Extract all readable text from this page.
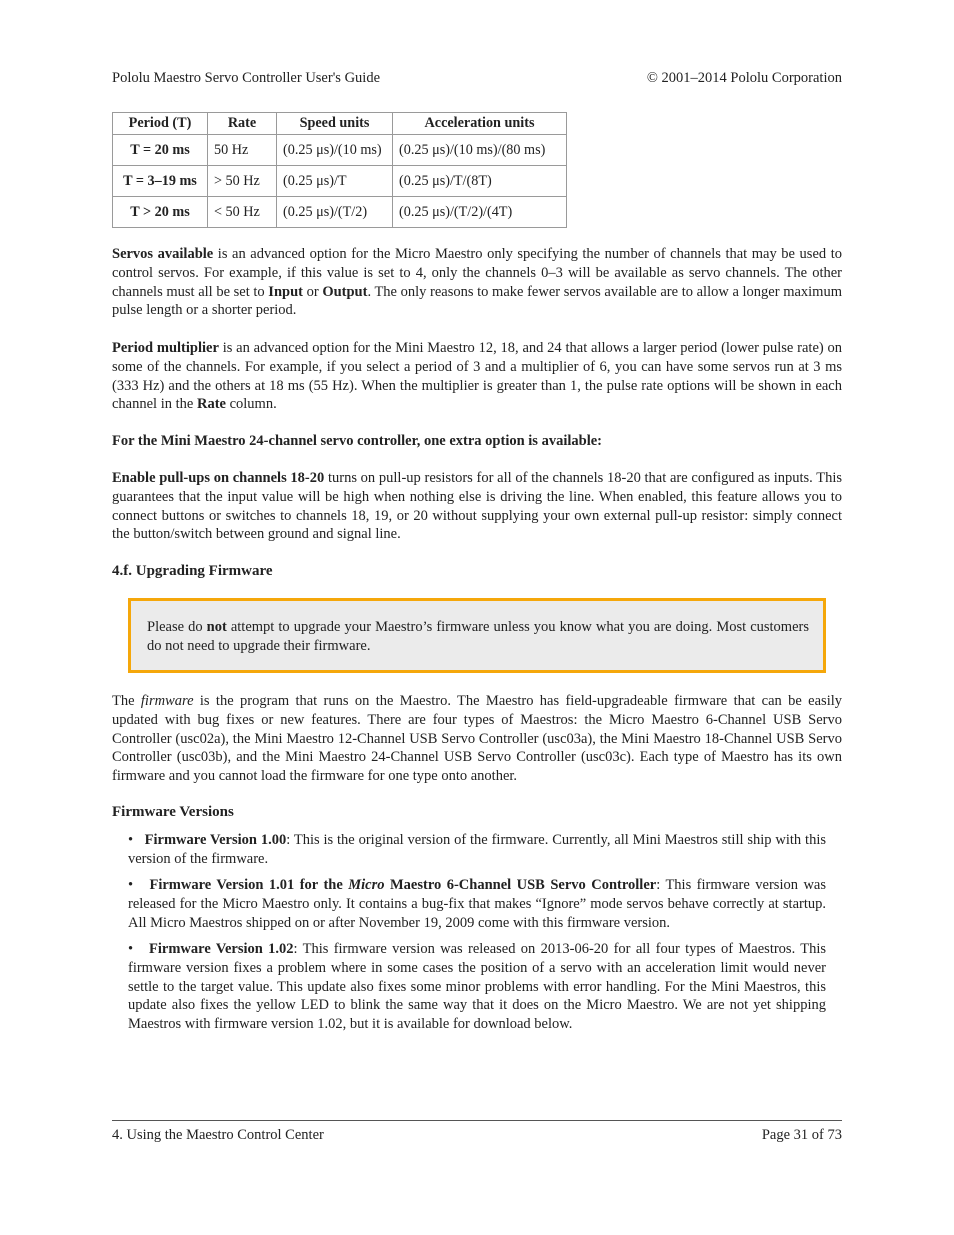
Pololu Maestro Servo Controller User's Guide	© 2001–2014 Pololu Corporation
Period (T)	Rate	Speed units	Acceleration units
T = 20 ms	50 Hz	(0.25 μs)/(10 ms)	(0.25 μs)/(10 ms)/(80 ms)
T = 3–19 ms	> 50 Hz	(0.25 μs)/T	(0.25 μs)/T/(8T)
T > 20 ms	< 50 Hz	(0.25 μs)/(T/2)	(0.25 μs)/(T/2)/(4T)

Servos available is an advanced option for the Micro Maestro only specifying the number of channels that may be used to control servos. For example, if this value is set to 4, only the channels 0–3 will be available as servo channels. The other channels must all be set to Input or Output. The only reasons to make fewer servos available are to allow a longer maximum pulse length or a shorter period.

Period multiplier is an advanced option for the Mini Maestro 12, 18, and 24 that allows a larger period (lower pulse rate) on some of the channels. For example, if you select a period of 3 and a multiplier of 6, you can have some servos run at 3 ms (333 Hz) and the others at 18 ms (55 Hz). When the multiplier is greater than 1, the pulse rate options will be shown in each channel in the Rate column.

For the Mini Maestro 24-channel servo controller, one extra option is available:

Enable pull-ups on channels 18-20 turns on pull-up resistors for all of the channels 18-20 that are configured as inputs. This guarantees that the input value will be high when nothing else is driving the line. When enabled, this feature allows you to connect buttons or switches to channels 18, 19, or 20 without supplying your own external pull-up resistor: simply connect the button/switch between ground and signal line.

4.f. Upgrading Firmware
Please do not attempt to upgrade your Maestro’s firmware unless you know what you are doing. Most customers do not need to upgrade their firmware.

The firmware is the program that runs on the Maestro. The Maestro has field-upgradeable firmware that can be easily updated with bug fixes or new features. There are four types of Maestros: the Micro Maestro 6-Channel USB Servo Controller (usc02a), the Mini Maestro 12-Channel USB Servo Controller (usc03a), the Mini Maestro 18-Channel USB Servo Controller (usc03b), and the Mini Maestro 24-Channel USB Servo Controller (usc03c). Each type of Maestro has its own firmware and you cannot load the firmware for one type onto another.

Firmware Versions
• Firmware Version 1.00: This is the original version of the firmware. Currently, all Mini Maestros still ship with this version of the firmware.
• Firmware Version 1.01 for the Micro Maestro 6-Channel USB Servo Controller: This firmware version was released for the Micro Maestro only. It contains a bug-fix that makes “Ignore” mode servos behave correctly at startup. All Micro Maestros shipped on or after November 19, 2009 come with this firmware version.
• Firmware Version 1.02: This firmware version was released on 2013-06-20 for all four types of Maestros. This firmware version fixes a problem where in some cases the position of a servo with an acceleration limit would never settle to the target value. This update also fixes some minor problems with error handling. For the Mini Maestros, this update also fixes the yellow LED to blink the same way that it does on the Micro Maestro. We are not yet shipping Maestros with firmware version 1.02, but it is available for download below.
4. Using the Maestro Control Center	Page 31 of 73
